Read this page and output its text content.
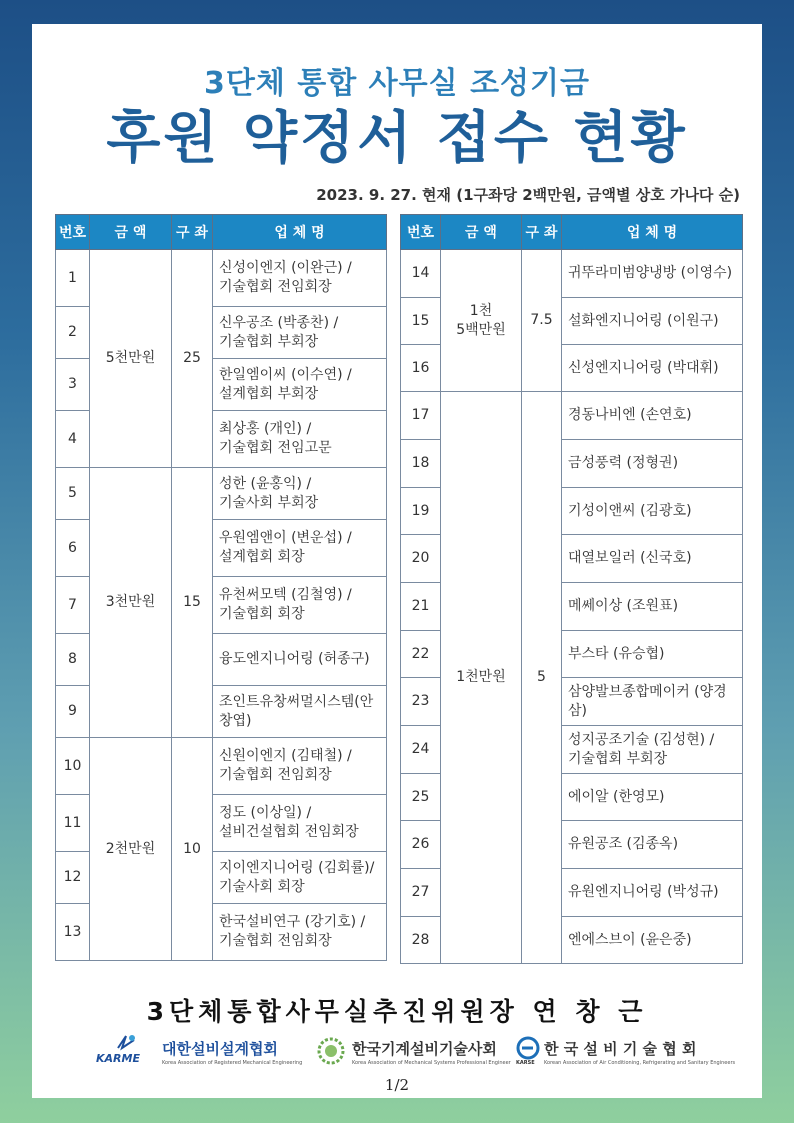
3단체 통합 사무실 조성기금
후원 약정서 접수 현황
2023. 9. 27. 현재 (1구좌당 2백만원, 금액별 상호 가나다 순)
번호	금 액	구 좌	업 체 명
1	5천만원	25	신성이엔지 (이완근) /
기술협회 전임회장
2			신우공조 (박종찬) /
기술협회 부회장
3			한일엠이씨 (이수연) /
설계협회 부회장
4			최상홍 (개인) /
기술협회 전임고문
5	3천만원	15	성한 (윤홍익) /
기술사회 부회장
6			우원엠앤이 (변운섭) /
설계협회 회장
7			유천써모텍 (김철영) /
기술협회 회장
8			융도엔지니어링 (허종구)
9			조인트유창써멀시스템(안창엽)
10	2천만원	10	신원이엔지 (김태철) /
기술협회 전임회장
11			정도 (이상일) /
설비건설협회 전임회장
12			지이엔지니어링 (김회률)/
기술사회 회장
13			한국설비연구 (강기호) /
기술협회 전임회장
번호	금 액	구 좌	업 체 명
14	1천
5백만원	7.5	귀뚜라미범양냉방 (이영수)
15			설화엔지니어링 (이원구)
16			신성엔지니어링 (박대휘)
17	1천만원	5	경동나비엔 (손연호)
18			금성풍력 (정형권)
19			기성이앤씨 (김광호)
20			대열보일러 (신국호)
21			메쎄이상 (조원표)
22			부스타 (유승협)
23			삼양발브종합메이커 (양경삼)
24			성지공조기술 (김성현) /
기술협회 부회장
25			에이알 (한영모)
26			유원공조 (김종옥)
27			유원엔지니어링 (박성규)
28			엔에스브이 (윤은중)
3단체통합사무실추진위원장 연 창 근
KARME
대한설비설계협회
Korea Association of Registered Mechanical Engineering
한국기계설비기술사회
Korea Association of Mechanical Systems Professional Engineer KARSE
한 국 설 비 기 술 협 회
Korean Association of Air Conditioning, Refrigerating and Sanitary Engineers
1/2
